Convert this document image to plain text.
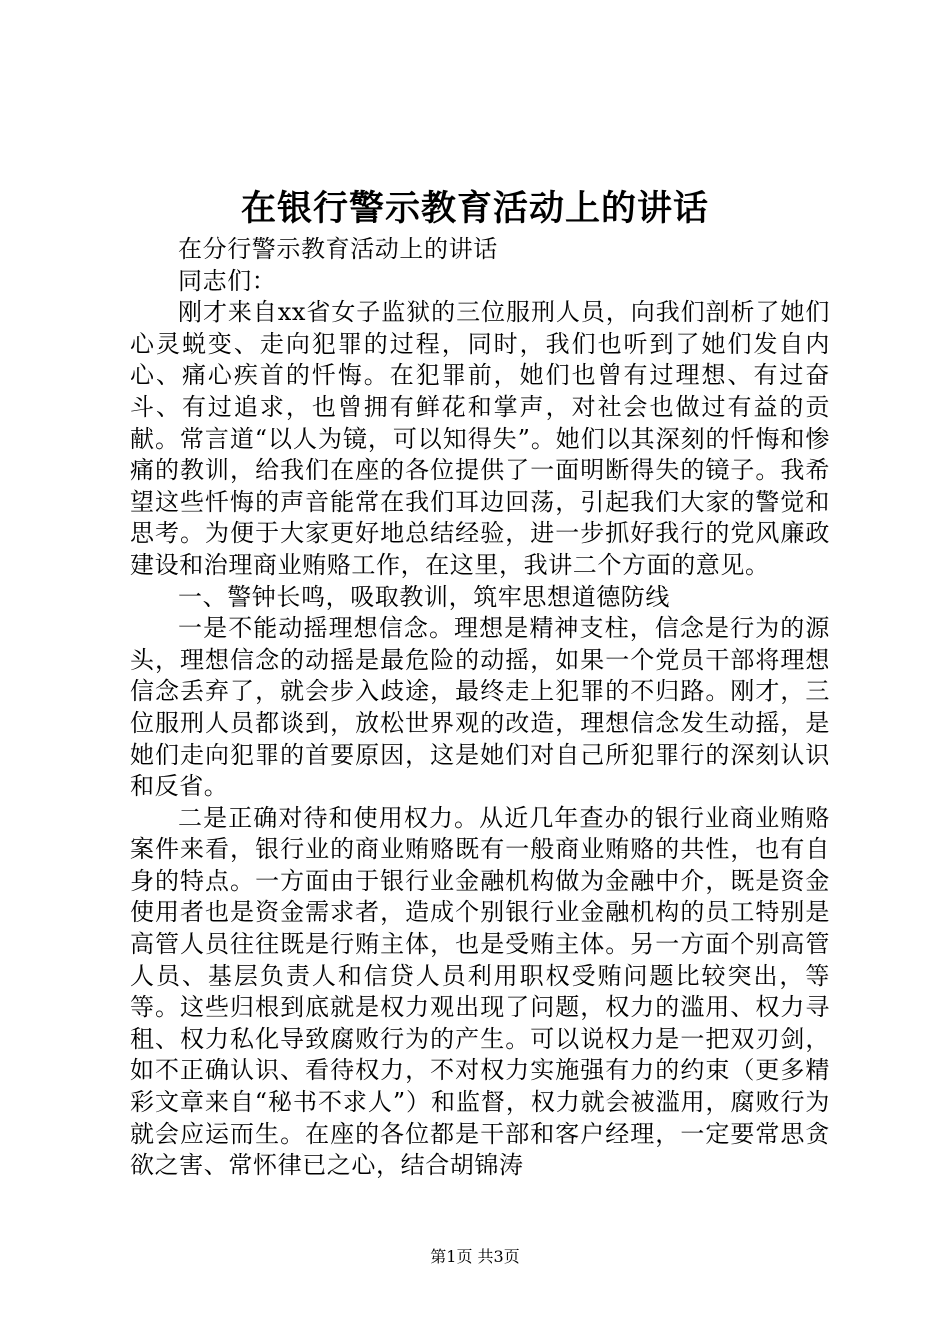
在银行警示教育活动上的讲话

在分行警示教育活动上的讲话

同志们：

刚才来自xx省女子监狱的三位服刑人员，向我们剖析了她们心灵蜕变、走向犯罪的过程，同时，我们也听到了她们发自内心、痛心疾首的忏悔。在犯罪前，她们也曾有过理想、有过奋斗、有过追求，也曾拥有鲜花和掌声，对社会也做过有益的贡献。常言道“以人为镜，可以知得失”。她们以其深刻的忏悔和惨痛的教训，给我们在座的各位提供了一面明断得失的镜子。我希望这些忏悔的声音能常在我们耳边回荡，引起我们大家的警觉和思考。为便于大家更好地总结经验，进一步抓好我行的党风廉政建设和治理商业贿赂工作，在这里，我讲二个方面的意见。

一、警钟长鸣，吸取教训，筑牢思想道德防线

一是不能动摇理想信念。理想是精神支柱，信念是行为的源头，理想信念的动摇是最危险的动摇，如果一个党员干部将理想信念丢弃了，就会步入歧途，最终走上犯罪的不归路。刚才，三位服刑人员都谈到，放松世界观的改造，理想信念发生动摇，是她们走向犯罪的首要原因，这是她们对自己所犯罪行的深刻认识和反省。

二是正确对待和使用权力。从近几年查办的银行业商业贿赂案件来看，银行业的商业贿赂既有一般商业贿赂的共性，也有自身的特点。一方面由于银行业金融机构做为金融中介，既是资金使用者也是资金需求者，造成个别银行业金融机构的员工特别是高管人员往往既是行贿主体，也是受贿主体。另一方面个别高管人员、基层负责人和信贷人员利用职权受贿问题比较突出，等等。这些归根到底就是权力观出现了问题，权力的滥用、权力寻租、权力私化导致腐败行为的产生。可以说权力是一把双刃剑，如不正确认识、看待权力，不对权力实施强有力的约束（更多精彩文章来自“秘书不求人”）和监督，权力就会被滥用，腐败行为就会应运而生。在座的各位都是干部和客户经理，一定要常思贪欲之害、常怀律已之心，结合胡锦涛

第1页 共3页
